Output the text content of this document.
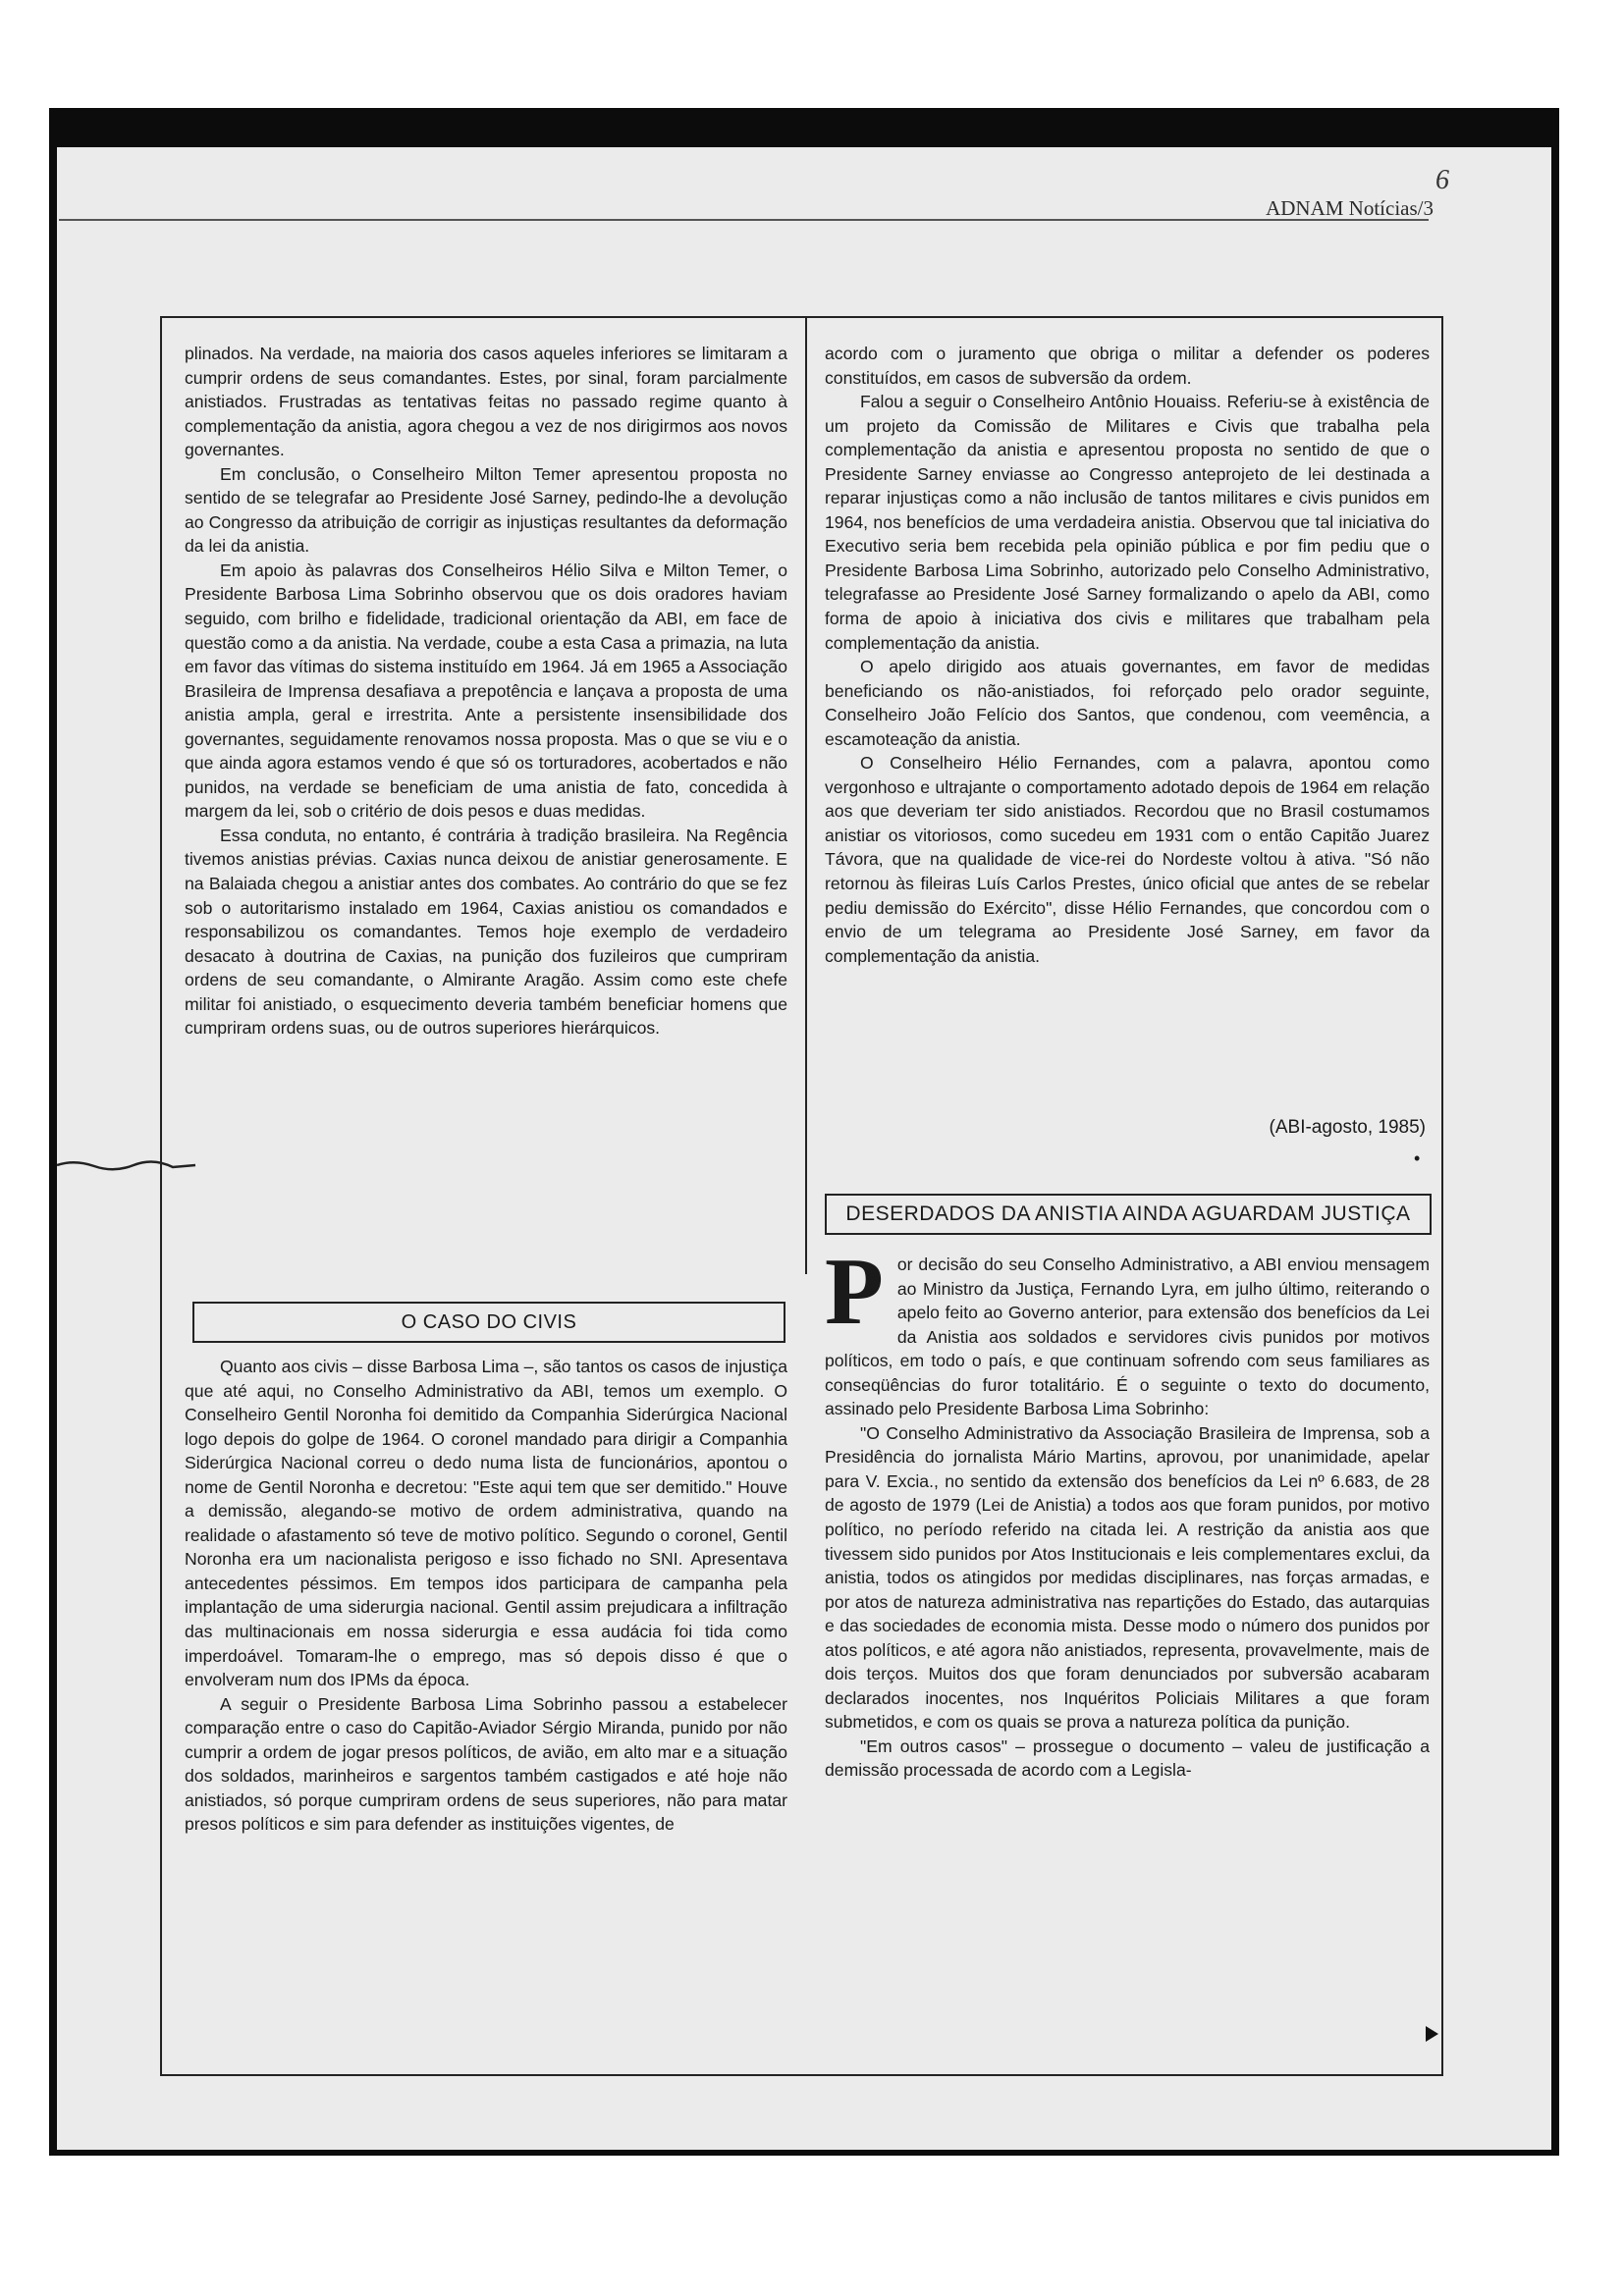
ADNAM Notícias/3
6

plinados. Na verdade, na maioria dos casos aqueles inferiores se limitaram a cumprir ordens de seus comandantes. Estes, por sinal, foram parcialmente anistiados. Frustradas as tentativas feitas no passado regime quanto à complementação da anistia, agora chegou a vez de nos dirigirmos aos novos governantes.

Em conclusão, o Conselheiro Milton Temer apresentou proposta no sentido de se telegrafar ao Presidente José Sarney, pedindo-lhe a devolução ao Congresso da atribuição de corrigir as injustiças resultantes da deformação da lei da anistia.

Em apoio às palavras dos Conselheiros Hélio Silva e Milton Temer, o Presidente Barbosa Lima Sobrinho observou que os dois oradores haviam seguido, com brilho e fidelidade, tradicional orientação da ABI, em face de questão como a da anistia. Na verdade, coube a esta Casa a primazia, na luta em favor das vítimas do sistema instituído em 1964. Já em 1965 a Associação Brasileira de Imprensa desafiava a prepotência e lançava a proposta de uma anistia ampla, geral e irrestrita. Ante a persistente insensibilidade dos governantes, seguidamente renovamos nossa proposta. Mas o que se viu e o que ainda agora estamos vendo é que só os torturadores, acobertados e não punidos, na verdade se beneficiam de uma anistia de fato, concedida à margem da lei, sob o critério de dois pesos e duas medidas.

Essa conduta, no entanto, é contrária à tradição brasileira. Na Regência tivemos anistias prévias. Caxias nunca deixou de anistiar generosamente. E na Balaiada chegou a anistiar antes dos combates. Ao contrário do que se fez sob o autoritarismo instalado em 1964, Caxias anistiou os comandados e responsabilizou os comandantes. Temos hoje exemplo de verdadeiro desacato à doutrina de Caxias, na punição dos fuzileiros que cumpriram ordens de seu comandante, o Almirante Aragão. Assim como este chefe militar foi anistiado, o esquecimento deveria também beneficiar homens que cumpriram ordens suas, ou de outros superiores hierárquicos.

O CASO DO CIVIS

Quanto aos civis – disse Barbosa Lima –, são tantos os casos de injustiça que até aqui, no Conselho Administrativo da ABI, temos um exemplo. O Conselheiro Gentil Noronha foi demitido da Companhia Siderúrgica Nacional logo depois do golpe de 1964. O coronel mandado para dirigir a Companhia Siderúrgica Nacional correu o dedo numa lista de funcionários, apontou o nome de Gentil Noronha e decretou: "Este aqui tem que ser demitido." Houve a demissão, alegando-se motivo de ordem administrativa, quando na realidade o afastamento só teve de motivo político. Segundo o coronel, Gentil Noronha era um nacionalista perigoso e isso fichado no SNI. Apresentava antecedentes péssimos. Em tempos idos participara de campanha pela implantação de uma siderurgia nacional. Gentil assim prejudicara a infiltração das multinacionais em nossa siderurgia e essa audácia foi tida como imperdoável. Tomaram-lhe o emprego, mas só depois disso é que o envolveram num dos IPMs da época.

A seguir o Presidente Barbosa Lima Sobrinho passou a estabelecer comparação entre o caso do Capitão-Aviador Sérgio Miranda, punido por não cumprir a ordem de jogar presos políticos, de avião, em alto mar e a situação dos soldados, marinheiros e sargentos também castigados e até hoje não anistiados, só porque cumpriram ordens de seus superiores, não para matar presos políticos e sim para defender as instituições vigentes, de

acordo com o juramento que obriga o militar a defender os poderes constituídos, em casos de subversão da ordem.

Falou a seguir o Conselheiro Antônio Houaiss. Referiu-se à existência de um projeto da Comissão de Militares e Civis que trabalha pela complementação da anistia e apresentou proposta no sentido de que o Presidente Sarney enviasse ao Congresso anteprojeto de lei destinada a reparar injustiças como a não inclusão de tantos militares e civis punidos em 1964, nos benefícios de uma verdadeira anistia. Observou que tal iniciativa do Executivo seria bem recebida pela opinião pública e por fim pediu que o Presidente Barbosa Lima Sobrinho, autorizado pelo Conselho Administrativo, telegrafasse ao Presidente José Sarney formalizando o apelo da ABI, como forma de apoio à iniciativa dos civis e militares que trabalham pela complementação da anistia.

O apelo dirigido aos atuais governantes, em favor de medidas beneficiando os não-anistiados, foi reforçado pelo orador seguinte, Conselheiro João Felício dos Santos, que condenou, com veemência, a escamoteação da anistia.

O Conselheiro Hélio Fernandes, com a palavra, apontou como vergonhoso e ultrajante o comportamento adotado depois de 1964 em relação aos que deveriam ter sido anistiados. Recordou que no Brasil costumamos anistiar os vitoriosos, como sucedeu em 1931 com o então Capitão Juarez Távora, que na qualidade de vice-rei do Nordeste voltou à ativa. "Só não retornou às fileiras Luís Carlos Prestes, único oficial que antes de se rebelar pediu demissão do Exército", disse Hélio Fernandes, que concordou com o envio de um telegrama ao Presidente José Sarney, em favor da complementação da anistia.

(ABI-agosto, 1985)
•
DESERDADOS DA ANISTIA AINDA AGUARDAM JUSTIÇA

Por decisão do seu Conselho Administrativo, a ABI enviou mensagem ao Ministro da Justiça, Fernando Lyra, em julho último, reiterando o apelo feito ao Governo anterior, para extensão dos benefícios da Lei da Anistia aos soldados e servidores civis punidos por motivos políticos, em todo o país, e que continuam sofrendo com seus familiares as conseqüências do furor totalitário. É o seguinte o texto do documento, assinado pelo Presidente Barbosa Lima Sobrinho:

"O Conselho Administrativo da Associação Brasileira de Imprensa, sob a Presidência do jornalista Mário Martins, aprovou, por unanimidade, apelar para V. Excia., no sentido da extensão dos benefícios da Lei nº 6.683, de 28 de agosto de 1979 (Lei de Anistia) a todos aos que foram punidos, por motivo político, no período referido na citada lei. A restrição da anistia aos que tivessem sido punidos por Atos Institucionais e leis complementares exclui, da anistia, todos os atingidos por medidas disciplinares, nas forças armadas, e por atos de natureza administrativa nas repartições do Estado, das autarquias e das sociedades de economia mista. Desse modo o número dos punidos por atos políticos, e até agora não anistiados, representa, provavelmente, mais de dois terços. Muitos dos que foram denunciados por subversão acabaram declarados inocentes, nos Inquéritos Policiais Militares a que foram submetidos, e com os quais se prova a natureza política da punição.

"Em outros casos" – prossegue o documento – valeu de justificação a demissão processada de acordo com a Legisla-
